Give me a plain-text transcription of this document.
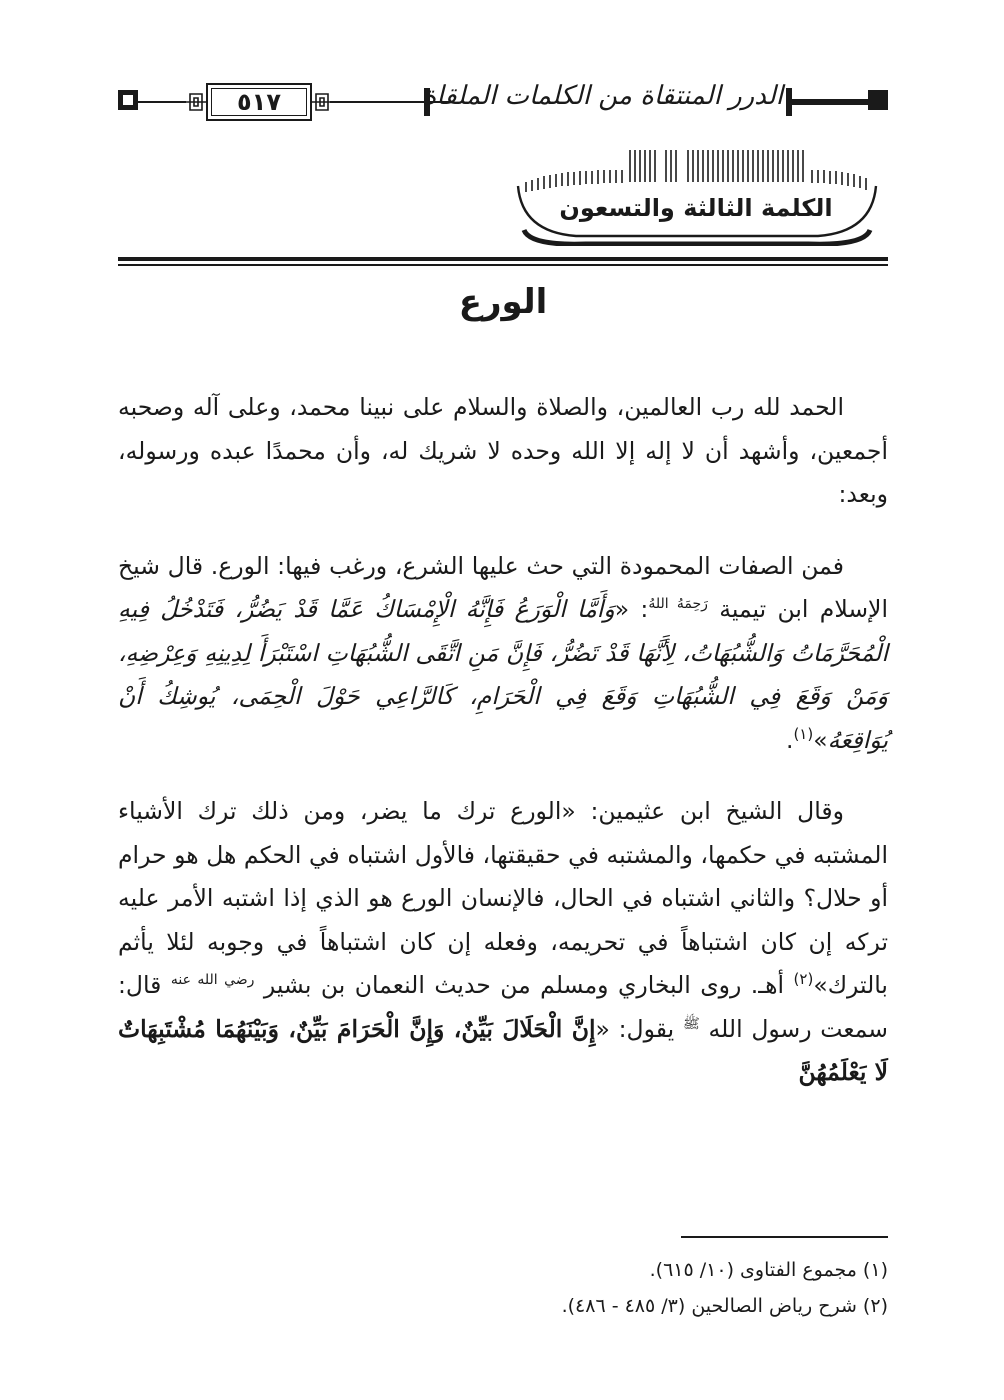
٥١٧	الدرر المنتقاة من الكلمات الملقاة
الكلمة الثالثة والتسعون
الورع

الحمد لله رب العالمين، والصلاة والسلام على نبينا محمد، وعلى آله وصحبه أجمعين، وأشهد أن لا إله إلا الله وحده لا شريك له، وأن محمدًا عبده ورسوله، وبعد:

فمن الصفات المحمودة التي حث عليها الشرع، ورغب فيها: الورع. قال شيخ الإسلام ابن تيمية $^{رَحِمَهُ اللهُ}$: «وَأَمَّا الْوَرَعُ فَإِنَّهُ الْإِمْسَاكُ عَمَّا قَدْ يَضُرُّ، فَتَدْخُلُ فِيهِ الْمُحَرَّمَاتُ وَالشُّبُهَاتُ، لِأَنَّهَا قَدْ تَضُرُّ، فَإِنَّ مَنِ اتَّقَى الشُّبُهَاتِ اسْتَبْرَأَ لِدِينِهِ وَعِرْضِهِ، وَمَنْ وَقَعَ فِي الشُّبُهَاتِ وَقَعَ فِي الْحَرَامِ، كَالرَّاعِي حَوْلَ الْحِمَى، يُوشِكُ أَنْ يُوَاقِعَهُ»$^{(١)}$.

وقال الشيخ ابن عثيمين: «الورع ترك ما يضر، ومن ذلك ترك الأشياء المشتبه في حكمها، والمشتبه في حقيقتها، فالأول اشتباه في الحكم هل هو حرام أو حلال؟ والثاني اشتباه في الحال، فالإنسان الورع هو الذي إذا اشتبه الأمر عليه تركه إن كان اشتباهاً في تحريمه، وفعله إن كان اشتباهاً في وجوبه لئلا يأثم بالترك»$^{(٢)}$ أهـ. روى البخاري ومسلم من حديث النعمان بن بشير $^{رضي الله عنه}$ قال: سمعت رسول الله $^ﷺ$ يقول: «إِنَّ الْحَلَالَ بَيِّنٌ، وَإِنَّ الْحَرَامَ بَيِّنٌ، وَبَيْنَهُمَا مُشْتَبِهَاتٌ لَا يَعْلَمُهُنَّ

(١) مجموع الفتاوى (١٠/ ٦١٥).
(٢) شرح رياض الصالحين (٣/ ٤٨٥ - ٤٨٦).
